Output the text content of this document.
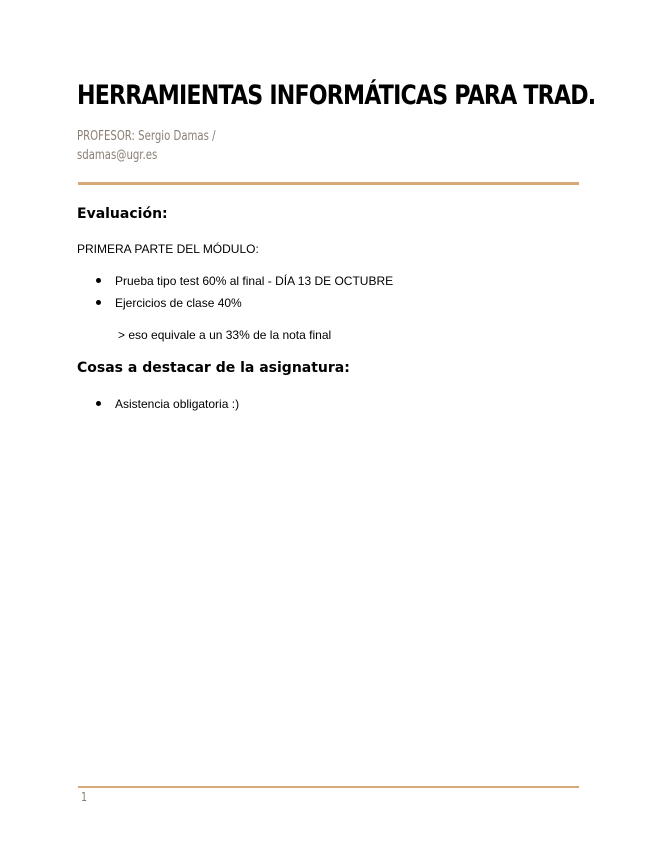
HERRAMIENTAS INFORMÁTICAS PARA TRAD.
PROFESOR: Sergio Damas /
sdamas@ugr.es
Evaluación:
PRIMERA PARTE DEL MÓDULO:
Prueba tipo test 60% al final - DÍA 13 DE OCTUBRE
Ejercicios de clase 40%
> eso equivale a un 33% de la nota final
Cosas a destacar de la asignatura:
Asistencia obligatoria :)
1
